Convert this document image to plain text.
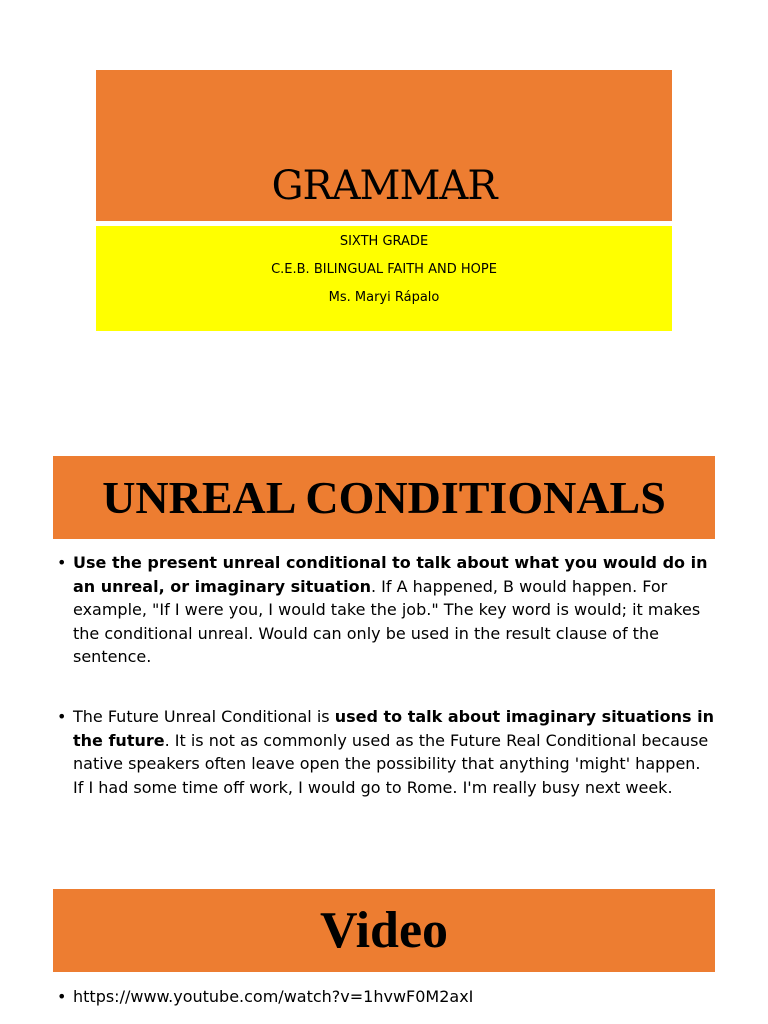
GRAMMAR
SIXTH GRADE
C.E.B. BILINGUAL FAITH AND HOPE
Ms. Maryi Rápalo
UNREAL CONDITIONALS
• Use the present unreal conditional to talk about what you would do in an unreal, or imaginary situation. If A happened, B would happen. For example, "If I were you, I would take the job." The key word is would; it makes the conditional unreal. Would can only be used in the result clause of the sentence.
• The Future Unreal Conditional is used to talk about imaginary situations in the future. It is not as commonly used as the Future Real Conditional because native speakers often leave open the possibility that anything 'might' happen. If I had some time off work, I would go to Rome. I'm really busy next week.
Video
• https://www.youtube.com/watch?v=1hvwF0M2axI
